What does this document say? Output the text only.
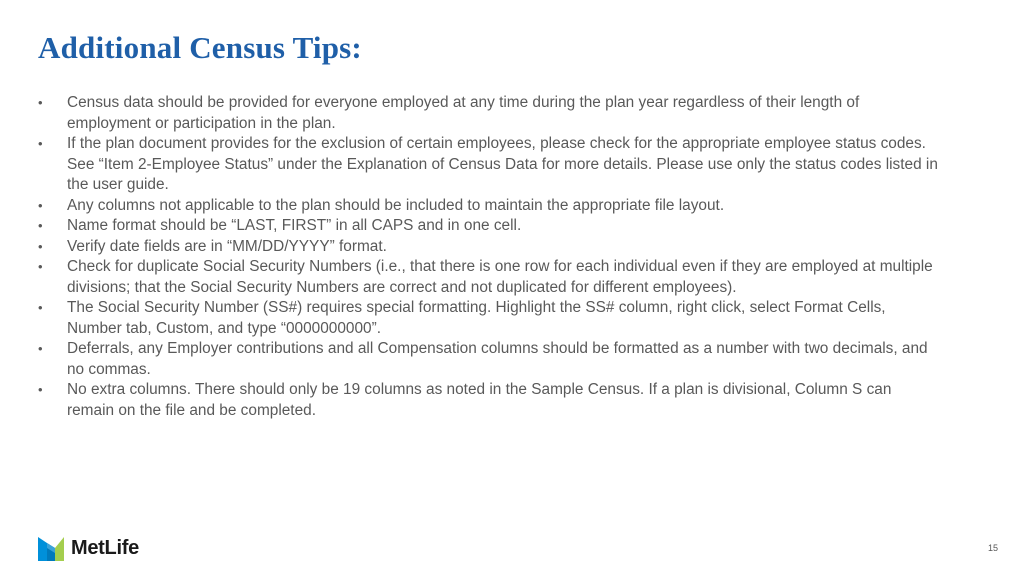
Additional Census Tips:
• Census data should be provided for everyone employed at any time during the plan year regardless of their length of employment or participation in the plan.
• If the plan document provides for the exclusion of certain employees, please check for the appropriate employee status codes. See “Item 2-Employee Status” under the Explanation of Census Data for more details. Please use only the status codes listed in the user guide.
• Any columns not applicable to the plan should be included to maintain the appropriate file layout.
• Name format should be “LAST, FIRST” in all CAPS and in one cell.
• Verify date fields are in “MM/DD/YYYY” format.
• Check for duplicate Social Security Numbers (i.e., that there is one row for each individual even if they are employed at multiple divisions; that the Social Security Numbers are correct and not duplicated for different employees).
• The Social Security Number (SS#) requires special formatting. Highlight the SS# column, right click, select Format Cells, Number tab, Custom, and type “0000000000”.
• Deferrals, any Employer contributions and all Compensation columns should be formatted as a number with two decimals, and no commas.
• No extra columns. There should only be 19 columns as noted in the Sample Census. If a plan is divisional, Column S can remain on the file and be completed.
MetLife	15
